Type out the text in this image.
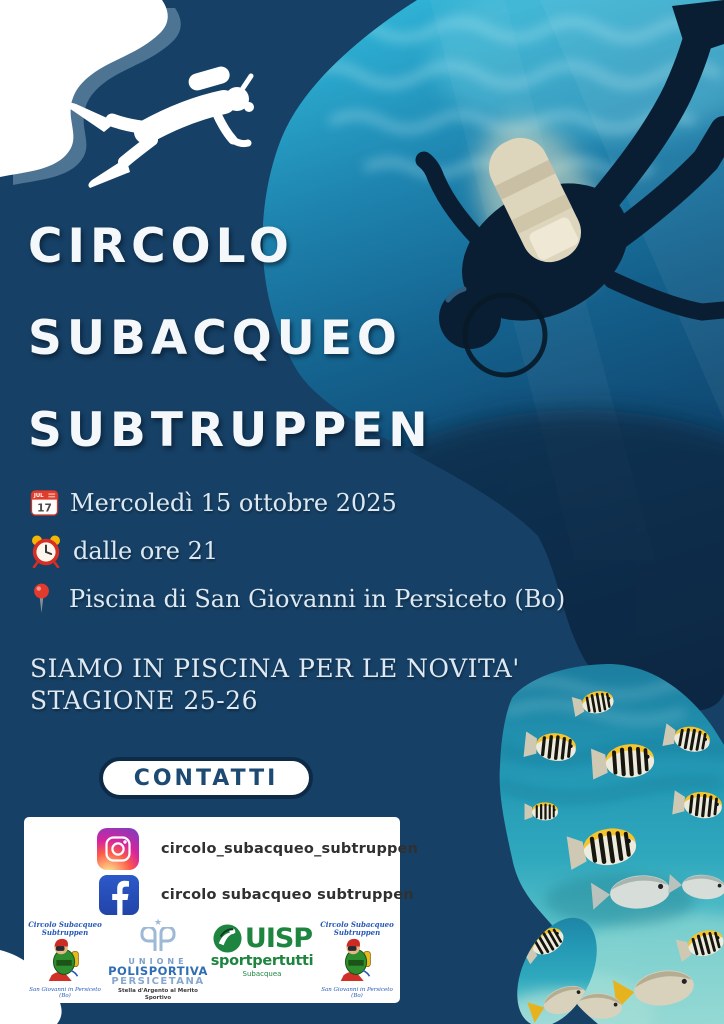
CIRCOLO
SUBACQUEO
SUBTRUPPEN
JUL
17 Mercoledì 15 ottobre 2025
dalle ore 21
Piscina di San Giovanni in Persiceto (Bo)
SIAMO IN PISCINA PER LE NOVITA'
STAGIONE 25-26
CONTATTI
circolo_subacqueo_subtruppen
circolo subacqueo subtruppen
Circolo Subacqueo
Subtruppen
San Giovanni in Persiceto
(Bo)
★
UNIONE
POLISPORTIVA
PERSICETANA
Stella d'Argento al Merito Sportivo
UISP
sportpertutti
Subacquea
Circolo Subacqueo
Subtruppen
San Giovanni in Persiceto
(Bo)
